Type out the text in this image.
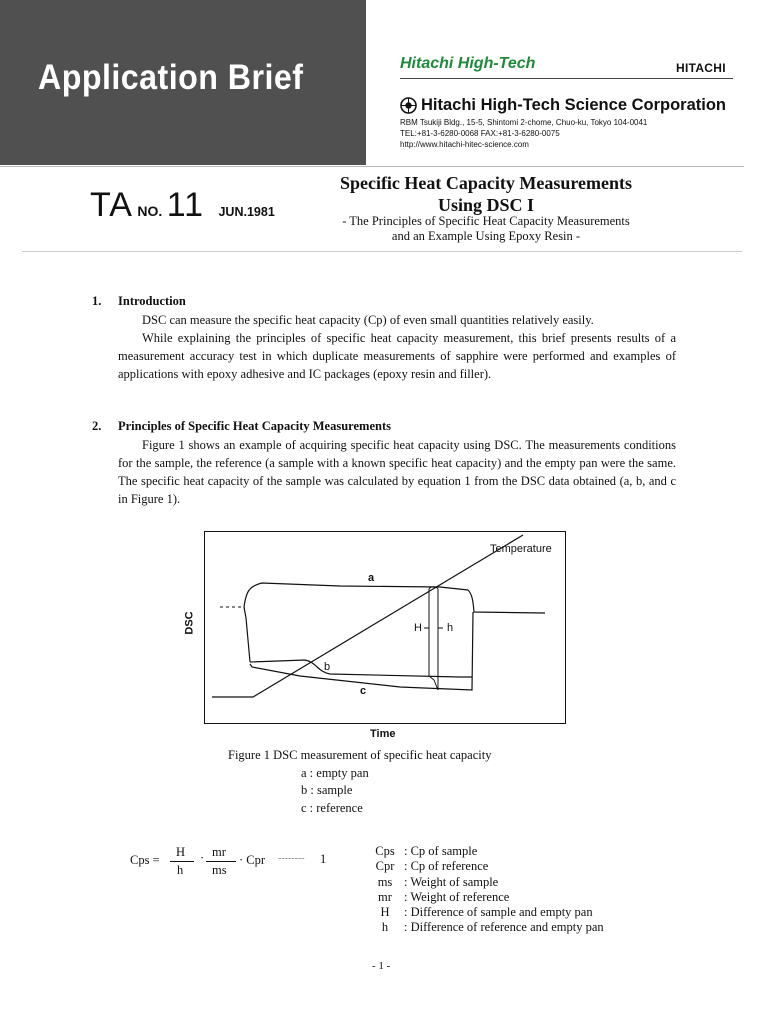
Application Brief	Hitachi High-Tech	HITACHI
Hitachi High-Tech Science Corporation
RBM Tsukiji Bldg., 15-5, Shintomi 2-chome, Chuo-ku, Tokyo 104-0041
TEL:+81-3-6280-0068 FAX:+81-3-6280-0075
http://www.hitachi-hitec-science.com
TA NO. 11 JUN.1981
Specific Heat Capacity Measurements
Using DSC I
- The Principles of Specific Heat Capacity Measurements
and an Example Using Epoxy Resin -
1. Introduction

DSC can measure the specific heat capacity (Cp) of even small quantities relatively easily.

While explaining the principles of specific heat capacity measurement, this brief presents results of a measurement accuracy test in which duplicate measurements of sapphire were performed and examples of applications with epoxy adhesive and IC packages (epoxy resin and filler).

2. Principles of Specific Heat Capacity Measurements

Figure 1 shows an example of acquiring specific heat capacity using DSC. The measurements conditions for the sample, the reference (a sample with a known specific heat capacity) and the empty pan were the same. The specific heat capacity of the sample was calculated by equation 1 from the DSC data obtained (a, b, and c in Figure 1).

Temperature
a
b
c
H h
DSC
Time
Figure 1 DSC measurement of specific heat capacity
a : empty pan
b : sample
c : reference
Cps =
H
h
· mr
ms
· Cpr -------- 1
Cps : Cp of sample
Cpr : Cp of reference
ms : Weight of sample
mr : Weight of reference
H	: Difference of sample and empty pan
h	: Difference of reference and empty pan
- 1 -
